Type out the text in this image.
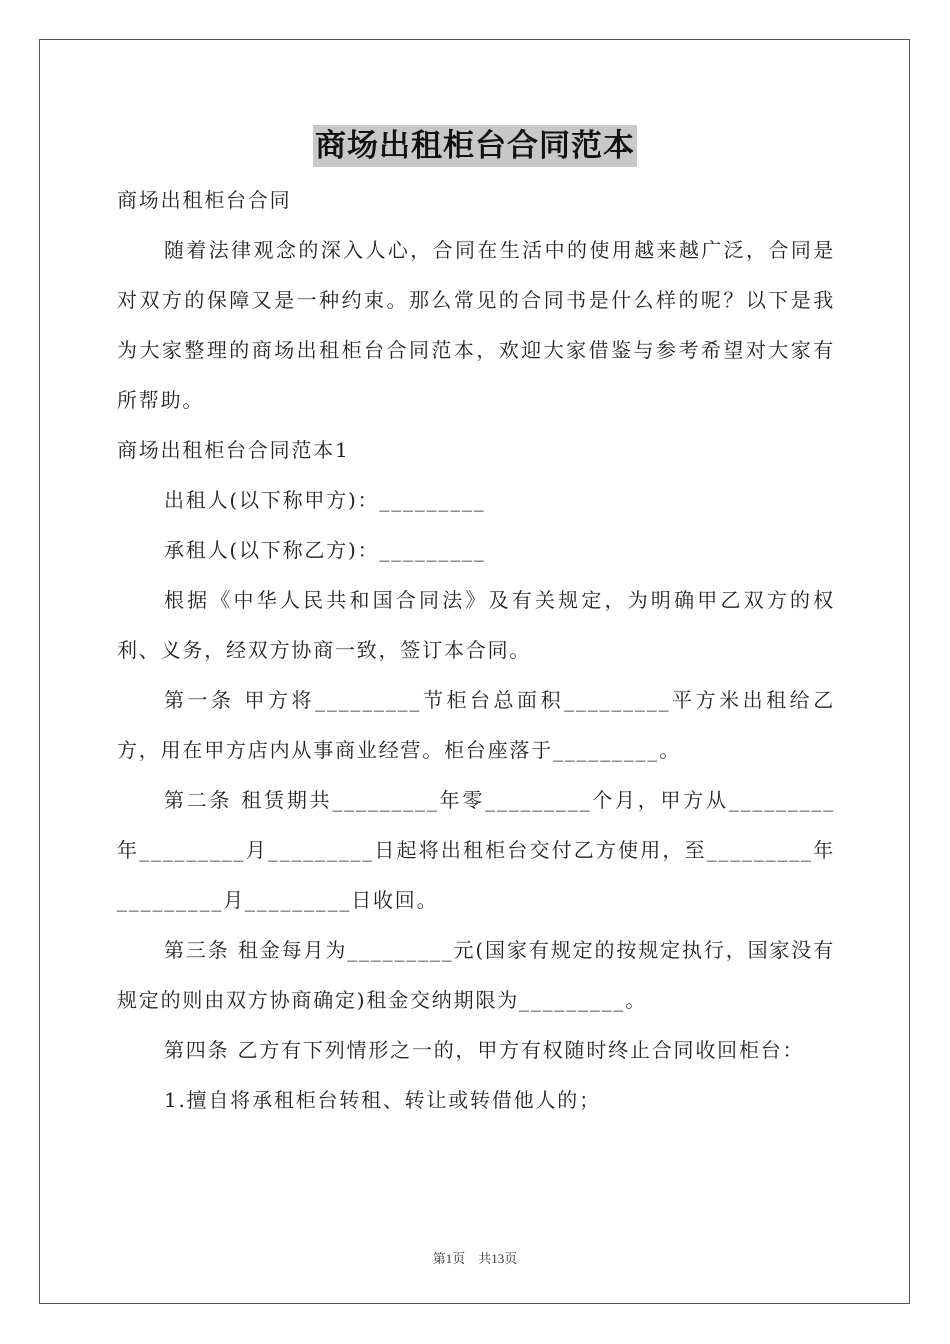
商场出租柜台合同范本

商场出租柜台合同

随着法律观念的深入人心，合同在生活中的使用越来越广泛，合同是对双方的保障又是一种约束。那么常见的合同书是什么样的呢？以下是我为大家整理的商场出租柜台合同范本，欢迎大家借鉴与参考希望对大家有所帮助。

商场出租柜台合同范本1

出租人(以下称甲方)：_________

承租人(以下称乙方)：_________

根据《中华人民共和国合同法》及有关规定，为明确甲乙双方的权利、义务，经双方协商一致，签订本合同。

第一条 甲方将_________节柜台总面积_________平方米出租给乙方，用在甲方店内从事商业经营。柜台座落于_________。

第二条 租赁期共_________年零_________个月，甲方从_________年_________月_________日起将出租柜台交付乙方使用，至_________年_________月_________日收回。

第三条 租金每月为_________元(国家有规定的按规定执行，国家没有规定的则由双方协商确定)租金交纳期限为_________。

第四条 乙方有下列情形之一的，甲方有权随时终止合同收回柜台：

1.擅自将承租柜台转租、转让或转借他人的；

第1页　共13页
